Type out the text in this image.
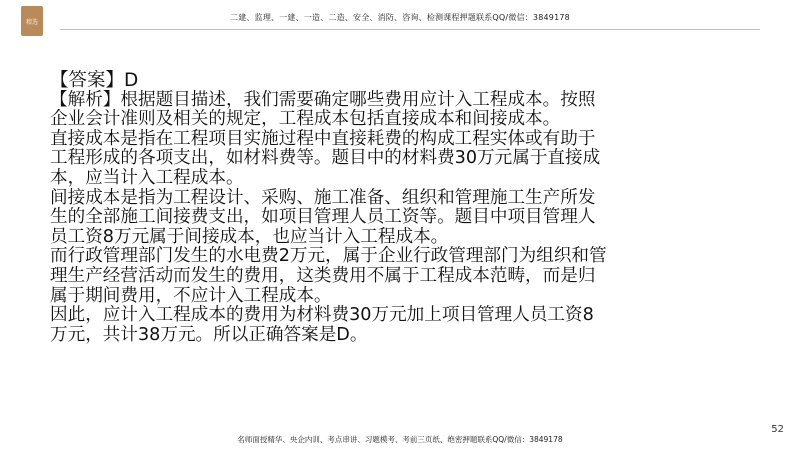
精选	二建、监理、一建、一造、二造、安全、消防、咨询、检测课程押题联系QQ/微信：3849178

【答案】D

【解析】根据题目描述，我们需要确定哪些费用应计入工程成本。按照企业会计准则及相关的规定，工程成本包括直接成本和间接成本。

直接成本是指在工程项目实施过程中直接耗费的构成工程实体或有助于工程形成的各项支出，如材料费等。题目中的材料费30万元属于直接成本，应当计入工程成本。

间接成本是指为工程设计、采购、施工准备、组织和管理施工生产所发生的全部施工间接费支出，如项目管理人员工资等。题目中项目管理人员工资8万元属于间接成本，也应当计入工程成本。

而行政管理部门发生的水电费2万元，属于企业行政管理部门为组织和管理生产经营活动而发生的费用，这类费用不属于工程成本范畴，而是归属于期间费用，不应计入工程成本。

因此，应计入工程成本的费用为材料费30万元加上项目管理人员工资8万元，共计38万元。所以正确答案是D。

52
名师面授精华、央企内训、考点串讲、习题模考、考前三页纸、绝密押题联系QQ/微信：3849178
